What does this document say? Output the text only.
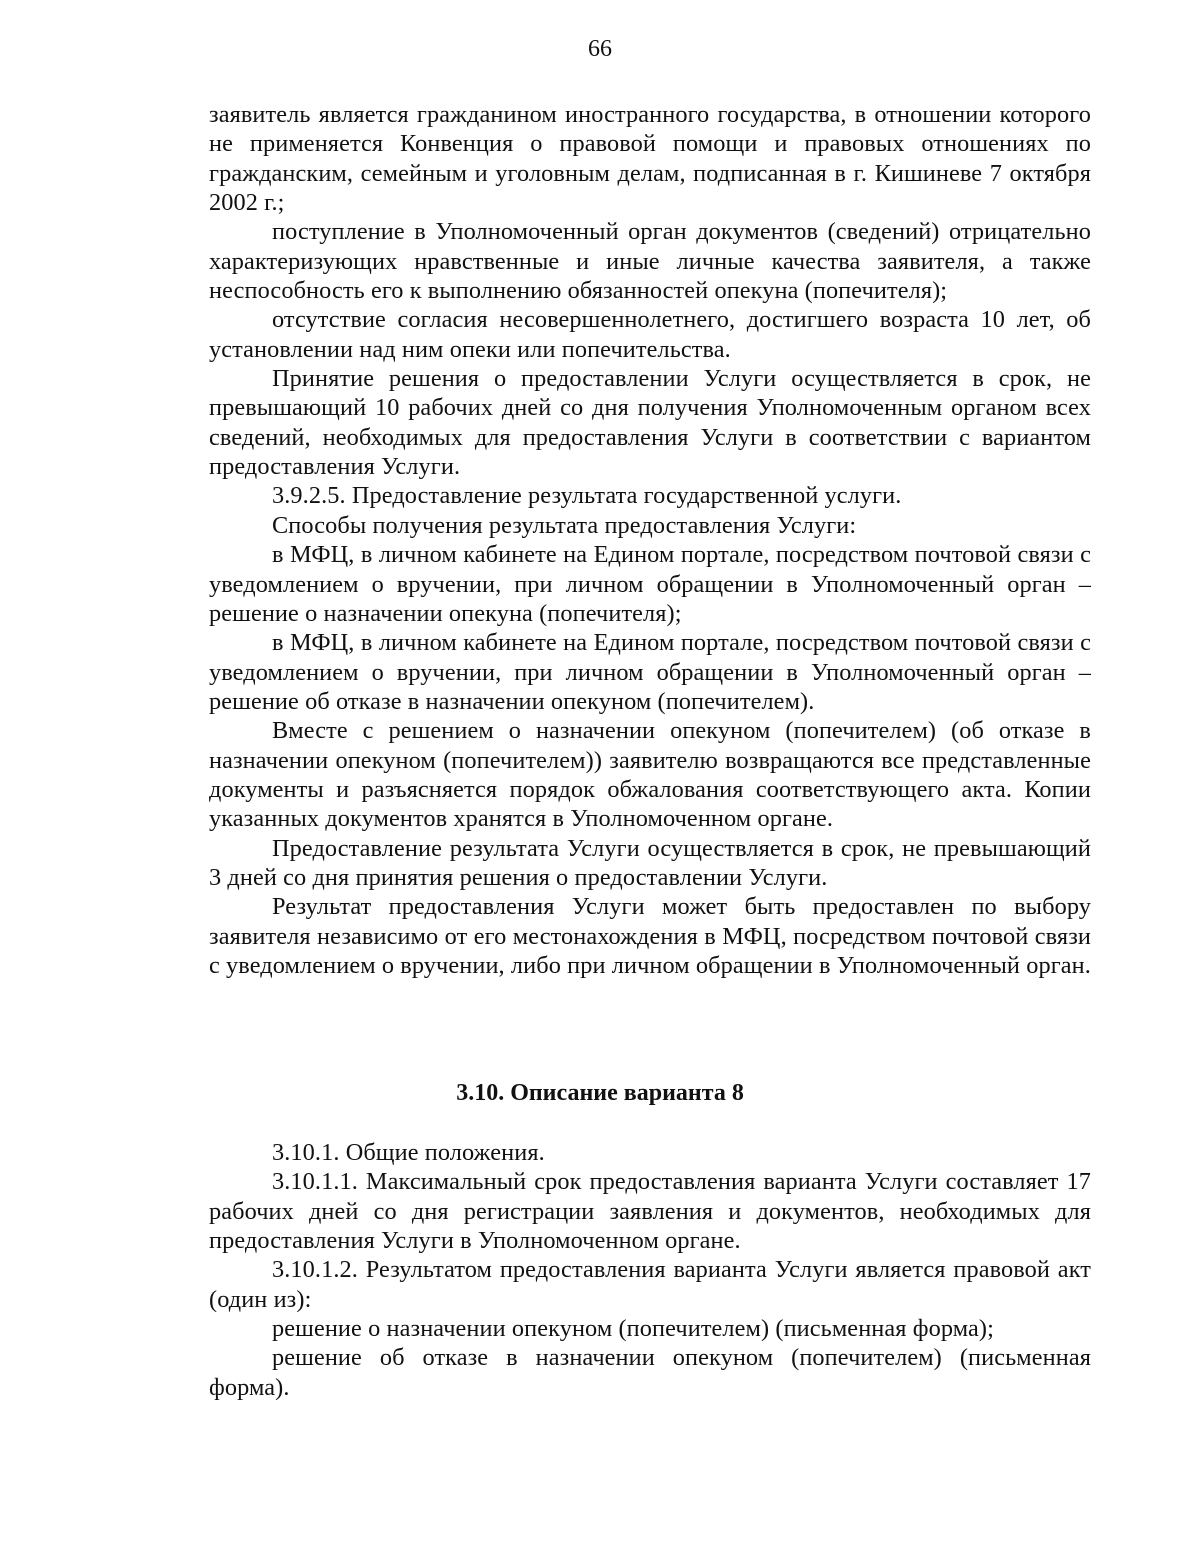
66

заявитель является гражданином иностранного государства, в отношении которого не применяется Конвенция о правовой помощи и правовых отношениях по гражданским, семейным и уголовным делам, подписанная в г. Кишиневе 7 октября 2002 г.;

поступление в Уполномоченный орган документов (сведений) отрицательно характеризующих нравственные и иные личные качества заявителя, а также неспособность его к выполнению обязанностей опекуна (попечителя);

отсутствие согласия несовершеннолетнего, достигшего возраста 10 лет, об установлении над ним опеки или попечительства.

Принятие решения о предоставлении Услуги осуществляется в срок, не превышающий 10 рабочих дней со дня получения Уполномоченным органом всех сведений, необходимых для предоставления Услуги в соответствии с вариантом предоставления Услуги.

3.9.2.5. Предоставление результата государственной услуги.

Способы получения результата предоставления Услуги:

в МФЦ, в личном кабинете на Едином портале, посредством почтовой связи с уведомлением о вручении, при личном обращении в Уполномоченный орган – решение о назначении опекуна (попечителя);

в МФЦ, в личном кабинете на Едином портале, посредством почтовой связи с уведомлением о вручении, при личном обращении в Уполномоченный орган – решение об отказе в назначении опекуном (попечителем).

Вместе с решением о назначении опекуном (попечителем) (об отказе в назначении опекуном (попечителем)) заявителю возвращаются все представленные документы и разъясняется порядок обжалования соответствующего акта. Копии указанных документов хранятся в Уполномоченном органе.

Предоставление результата Услуги осуществляется в срок, не превышающий 3 дней со дня принятия решения о предоставлении Услуги.

Результат предоставления Услуги может быть предоставлен по выбору заявителя независимо от его местонахождения в МФЦ, посредством почтовой связи с уведомлением о вручении, либо при личном обращении в Уполномоченный орган.

3.10. Описание варианта 8

3.10.1. Общие положения.

3.10.1.1. Максимальный срок предоставления варианта Услуги составляет 17 рабочих дней со дня регистрации заявления и документов, необходимых для предоставления Услуги в Уполномоченном органе.

3.10.1.2. Результатом предоставления варианта Услуги является правовой акт (один из):

решение о назначении опекуном (попечителем) (письменная форма);

решение об отказе в назначении опекуном (попечителем) (письменная форма).
